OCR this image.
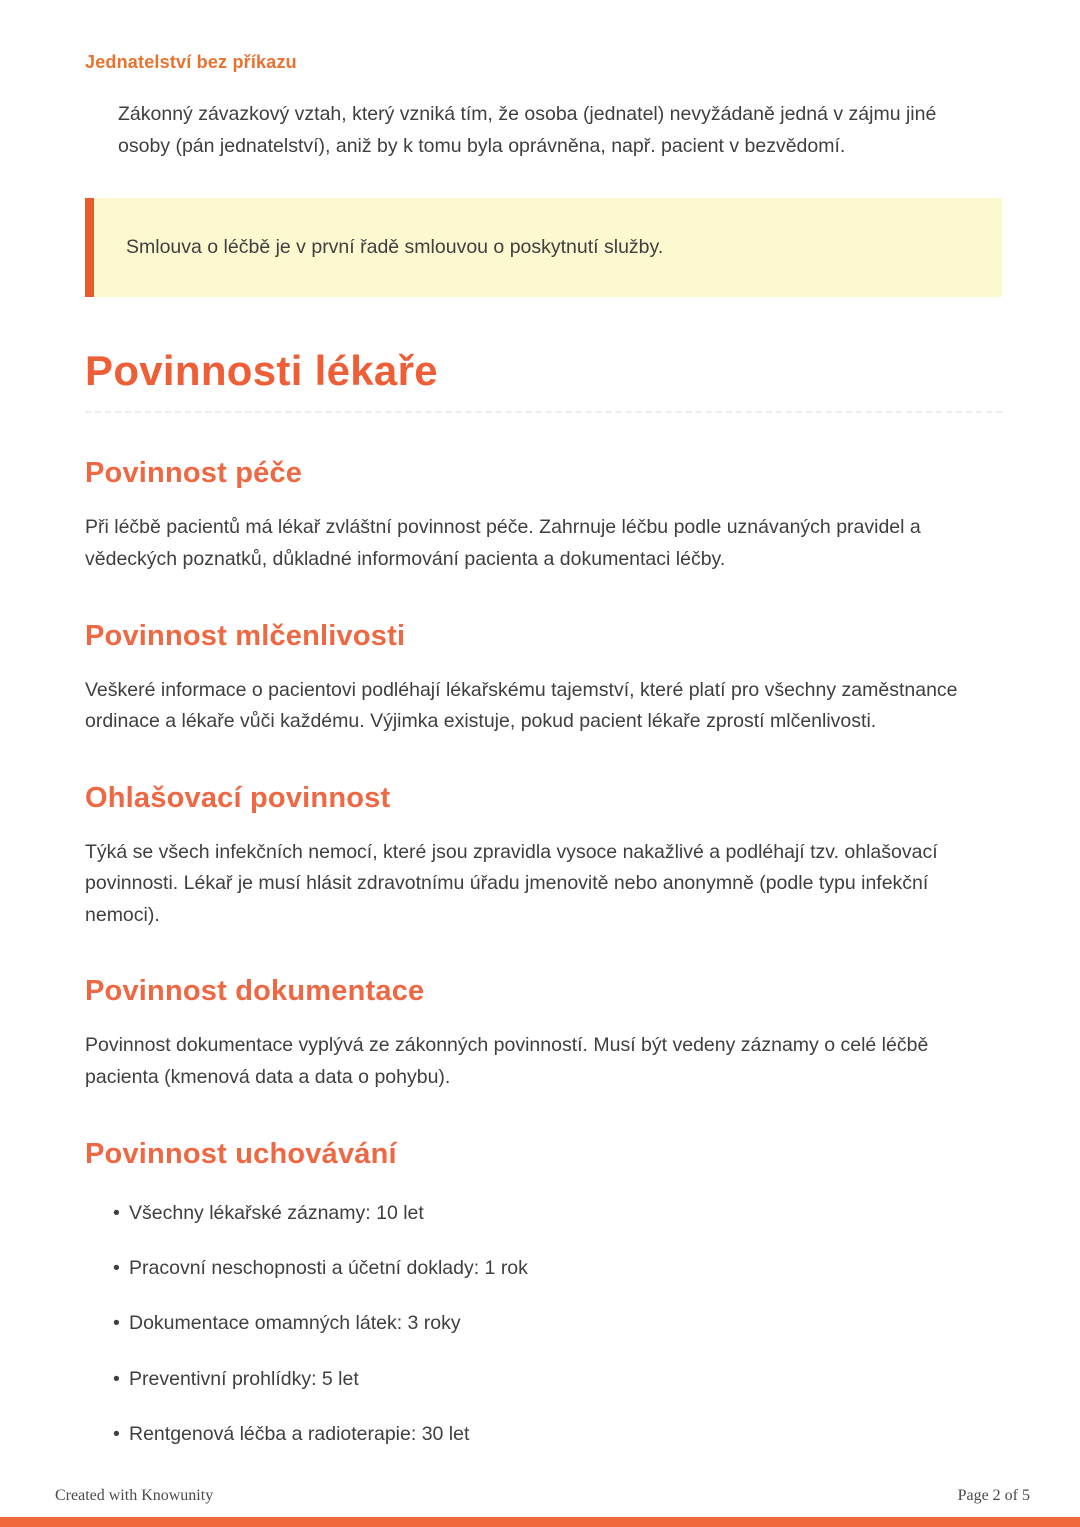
Jednatelství bez příkazu

Zákonný závazkový vztah, který vzniká tím, že osoba (jednatel) nevyžádaně jedná v zájmu jiné osoby (pán jednatelství), aniž by k tomu byla oprávněna, např. pacient v bezvědomí.

Smlouva o léčbě je v první řadě smlouvou o poskytnutí služby.
Povinnosti lékaře
Povinnost péče

Při léčbě pacientů má lékař zvláštní povinnost péče. Zahrnuje léčbu podle uznávaných pravidel a vědeckých poznatků, důkladné informování pacienta a dokumentaci léčby.

Povinnost mlčenlivosti

Veškeré informace o pacientovi podléhají lékařskému tajemství, které platí pro všechny zaměstnance ordinace a lékaře vůči každému. Výjimka existuje, pokud pacient lékaře zprostí mlčenlivosti.

Ohlašovací povinnost

Týká se všech infekčních nemocí, které jsou zpravidla vysoce nakažlivé a podléhají tzv. ohlašovací povinnosti. Lékař je musí hlásit zdravotnímu úřadu jmenovitě nebo anonymně (podle typu infekční nemoci).

Povinnost dokumentace

Povinnost dokumentace vyplývá ze zákonných povinností. Musí být vedeny záznamy o celé léčbě pacienta (kmenová data a data o pohybu).

Povinnost uchovávání
• Všechny lékařské záznamy: 10 let
• Pracovní neschopnosti a účetní doklady: 1 rok
• Dokumentace omamných látek: 3 roky
• Preventivní prohlídky: 5 let
• Rentgenová léčba a radioterapie: 30 let
Created with Knowunity	Page 2 of 5
